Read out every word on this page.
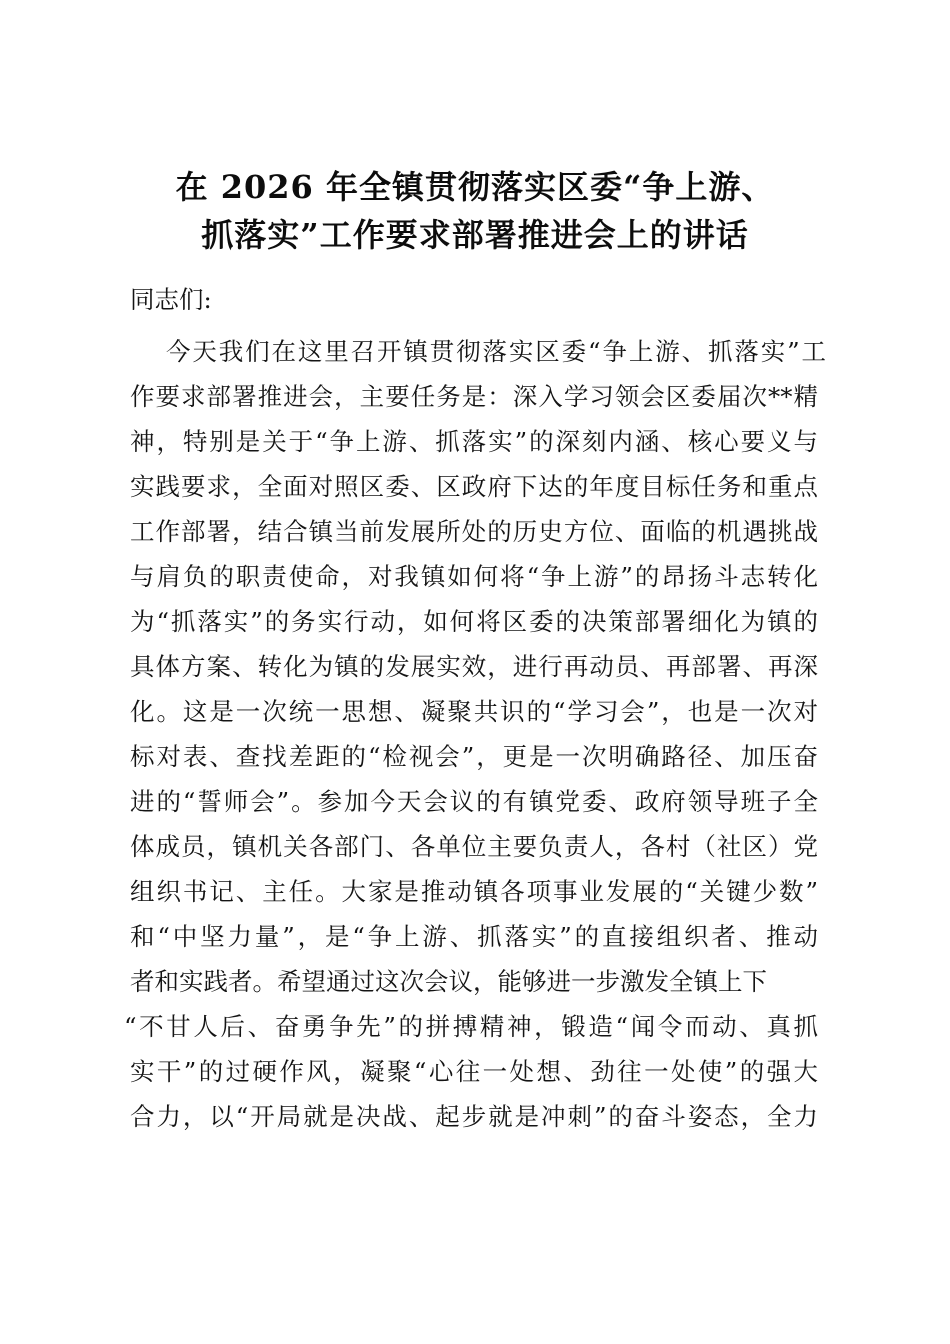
在 2026 年全镇贯彻落实区委“争上游、
抓落实”工作要求部署推进会上的讲话
同志们:
今天我们在这里召开镇贯彻落实区委“争上游、抓落实”工
作要求部署推进会，主要任务是：深入学习领会区委届次**精
神，特别是关于“争上游、抓落实”的深刻内涵、核心要义与
实践要求，全面对照区委、区政府下达的年度目标任务和重点
工作部署，结合镇当前发展所处的历史方位、面临的机遇挑战
与肩负的职责使命，对我镇如何将“争上游”的昂扬斗志转化
为“抓落实”的务实行动，如何将区委的决策部署细化为镇的
具体方案、转化为镇的发展实效，进行再动员、再部署、再深
化。这是一次统一思想、凝聚共识的“学习会”，也是一次对
标对表、查找差距的“检视会”，更是一次明确路径、加压奋
进的“誓师会”。参加今天会议的有镇党委、政府领导班子全
体成员，镇机关各部门、各单位主要负责人，各村（社区）党
组织书记、主任。大家是推动镇各项事业发展的“关键少数”
和“中坚力量”，是“争上游、抓落实”的直接组织者、推动
者和实践者。希望通过这次会议，能够进一步激发全镇上下
“不甘人后、奋勇争先”的拼搏精神，锻造“闻令而动、真抓
实干”的过硬作风，凝聚“心往一处想、劲往一处使”的强大
合力，以“开局就是决战、起步就是冲刺”的奋斗姿态，全力
